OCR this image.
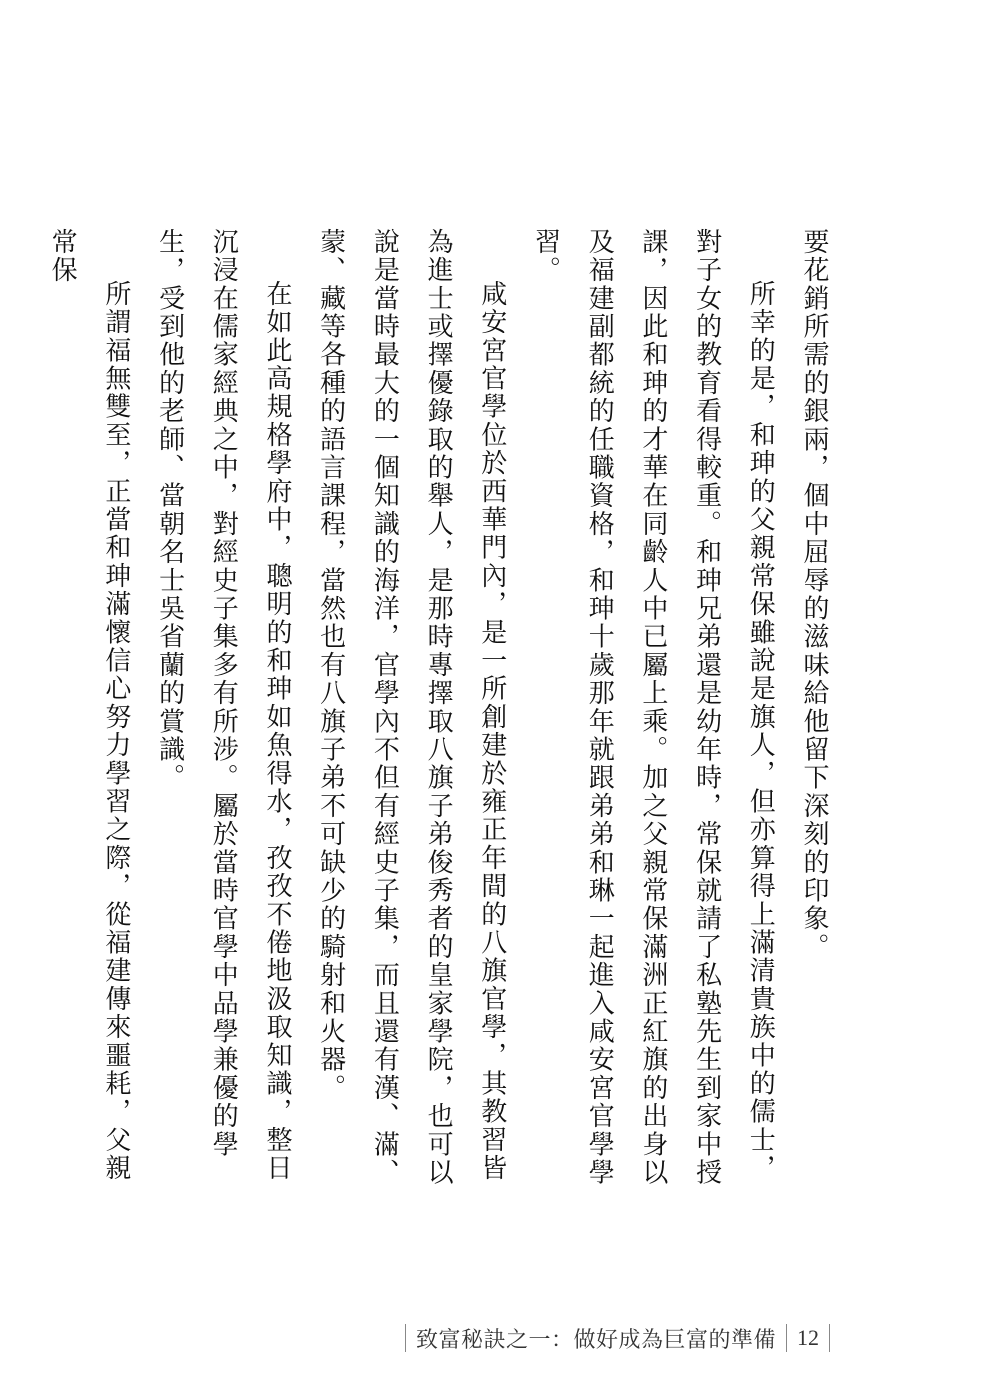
要花銷所需的銀兩，個中屈辱的滋味給他留下深刻的印象。

所幸的是，和珅的父親常保雖說是旗人，但亦算得上滿清貴族中的儒士，對子女的教育看得較重。和珅兄弟還是幼年時，常保就請了私塾先生到家中授課，因此和珅的才華在同齡人中已屬上乘。加之父親常保滿洲正紅旗的出身以及福建副都統的任職資格，和珅十歲那年就跟弟弟和琳一起進入咸安宮官學學習。

咸安宮官學位於西華門內，是一所創建於雍正年間的八旗官學，其教習皆為進士或擇優錄取的舉人，是那時專擇取八旗子弟俊秀者的皇家學院，也可以說是當時最大的一個知識的海洋，官學內不但有經史子集，而且還有漢、滿、蒙、藏等各種的語言課程，當然也有八旗子弟不可缺少的騎射和火器。

在如此高規格學府中，聰明的和珅如魚得水，孜孜不倦地汲取知識，整日沉浸在儒家經典之中，對經史子集多有所涉。屬於當時官學中品學兼優的學生，受到他的老師、當朝名士吳省蘭的賞識。

所謂福無雙至，正當和珅滿懷信心努力學習之際，從福建傳來噩耗，父親常保

致富秘訣之一：做好成為巨富的準備 12
